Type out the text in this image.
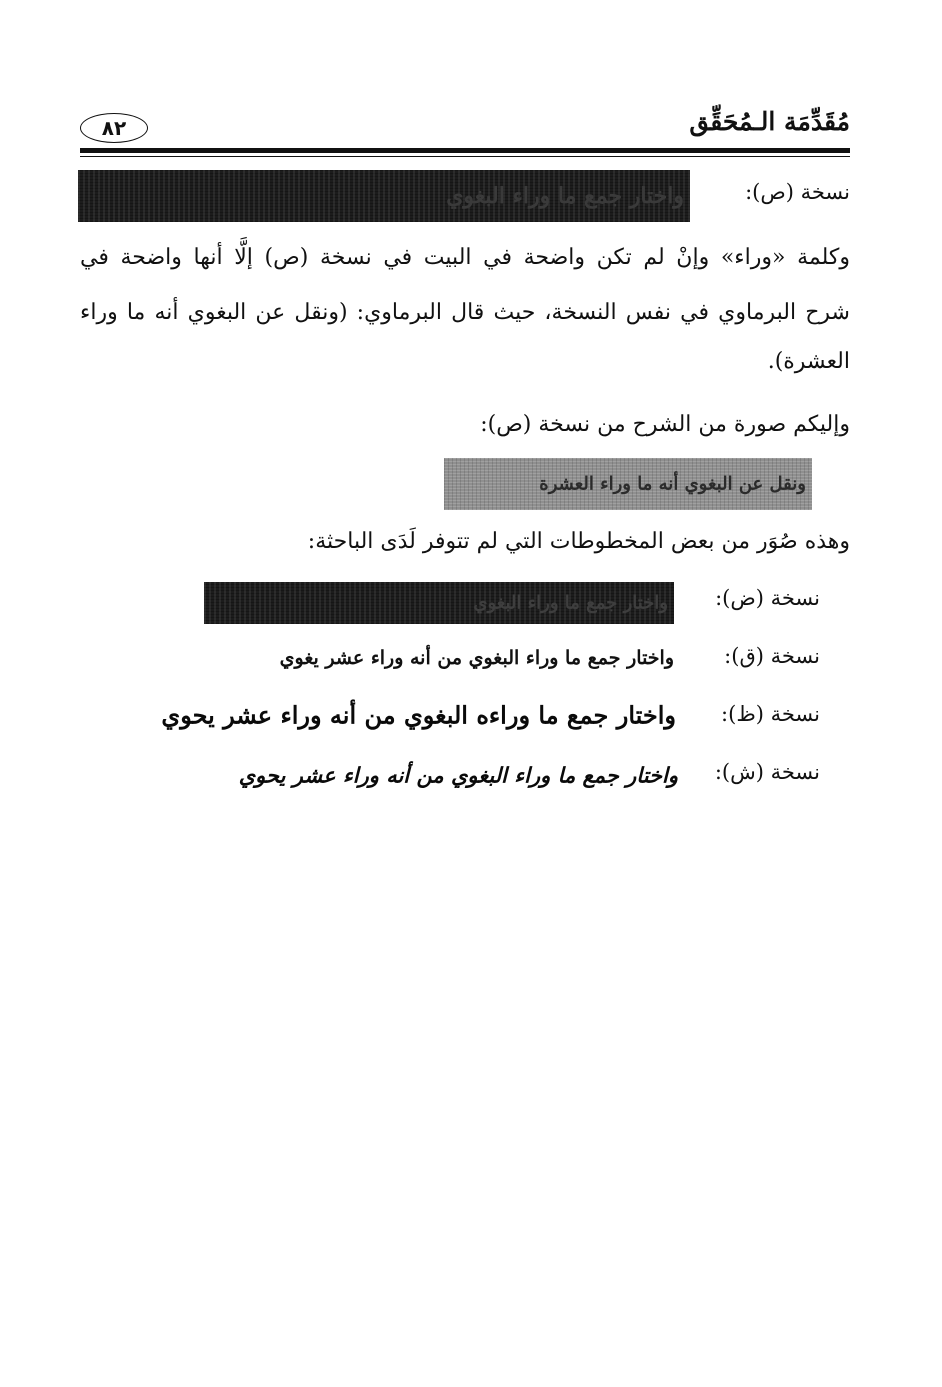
مُقَدِّمَة الـمُحَقِّق
٨٢
نسخة (ص):
واختار جمع ما وراء البغوي
وكلمة «وراء» وإنْ لم تكن واضحة في البيت في نسخة (ص) إلَّا أنها واضحة في
شرح البرماوي في نفس النسخة، حيث قال البرماوي: (ونقل عن البغوي أنه ما وراء
العشرة).
وإليكم صورة من الشرح من نسخة (ص):
ونقل عن البغوي أنه ما وراء العشرة
وهذه صُوَر من بعض المخطوطات التي لم تتوفر لَدَى الباحثة:
نسخة (ض):
واختار جمع ما وراء البغوي
نسخة (ق):
واختار جمع ما وراء البغوي من أنه وراء عشر يغوي
نسخة (ظ):
واختار جمع ما وراءه البغوي من أنه وراء عشر يحوي
نسخة (ش):
واختار جمع ما وراء البغوي من أنه وراء عشر يحوي
